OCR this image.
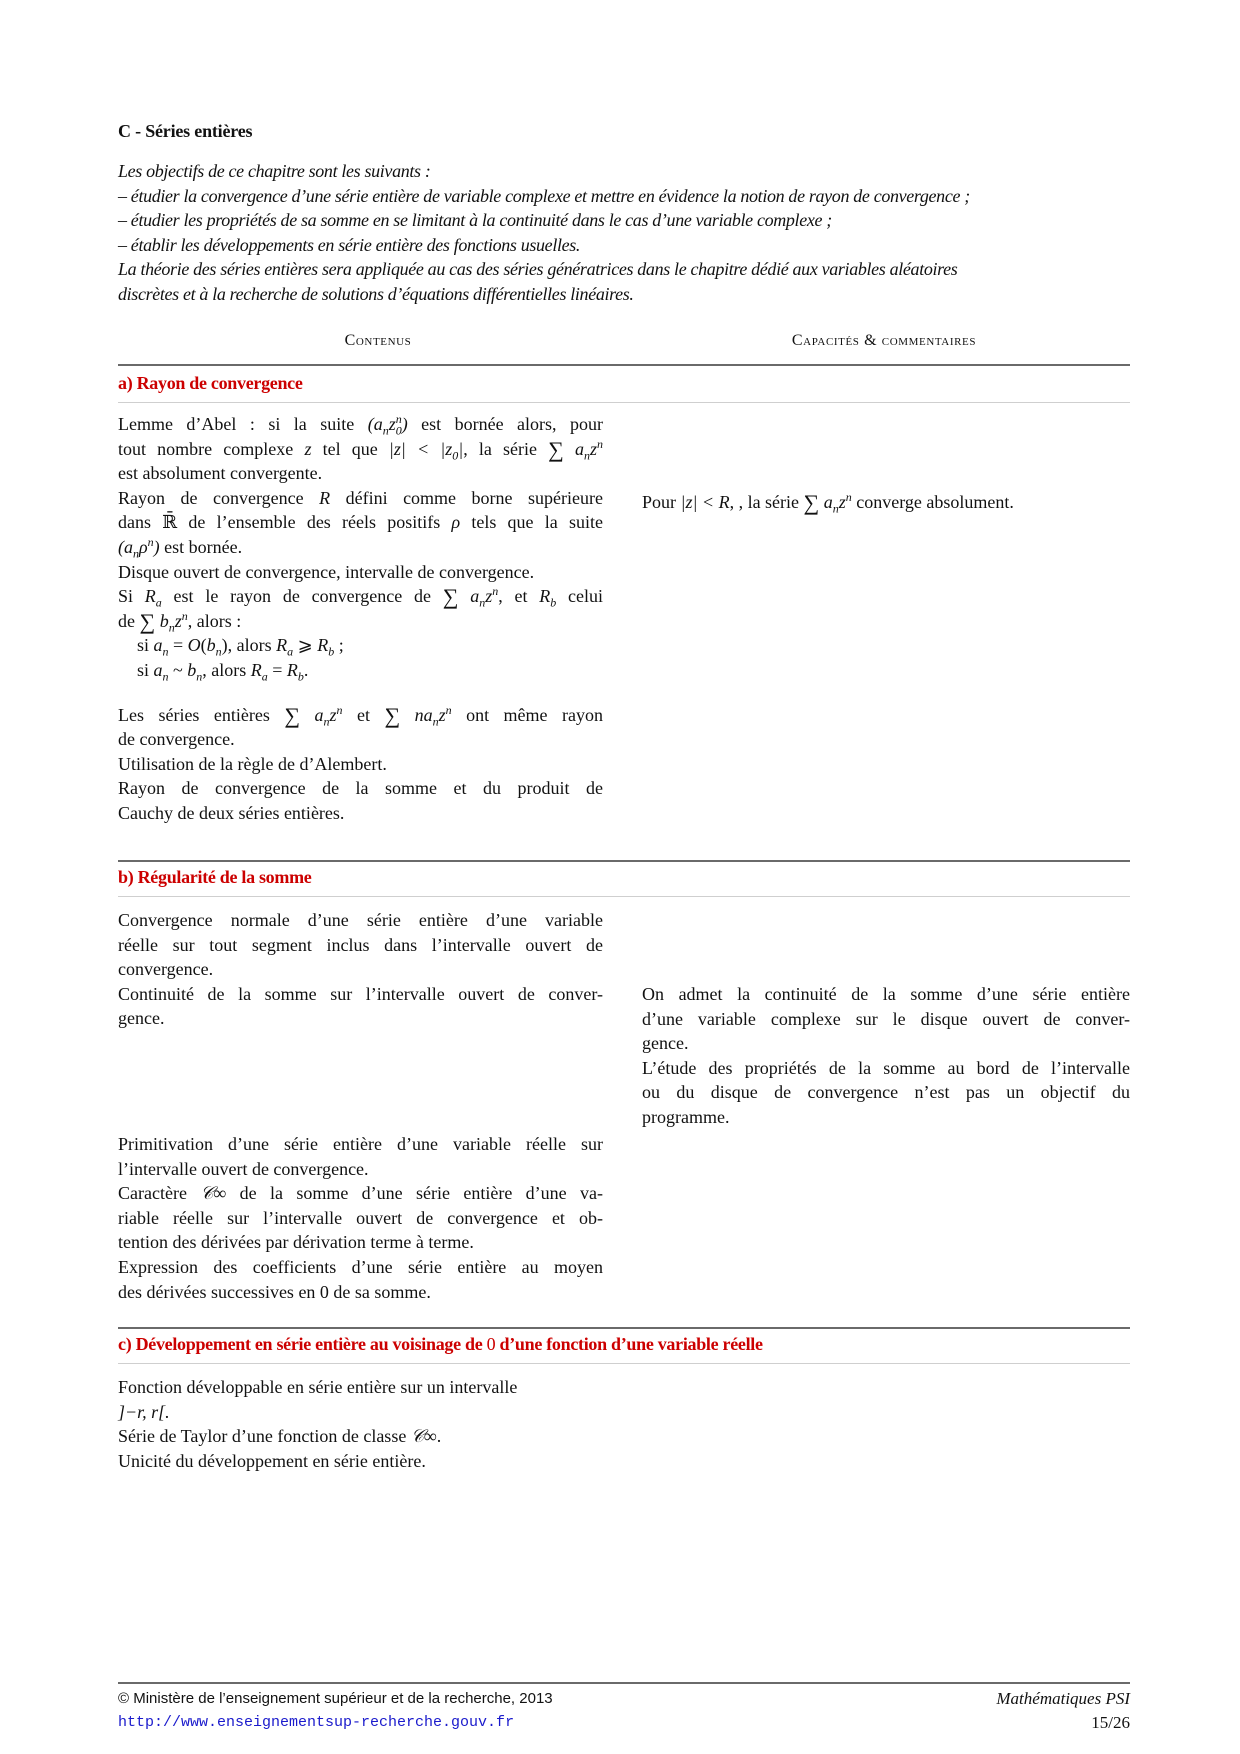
C - Séries entières
Les objectifs de ce chapitre sont les suivants :
– étudier la convergence d’une série entière de variable complexe et mettre en évidence la notion de rayon de convergence ;
– étudier les propriétés de sa somme en se limitant à la continuité dans le cas d’une variable complexe ;
– établir les développements en série entière des fonctions usuelles.
La théorie des séries entières sera appliquée au cas des séries génératrices dans le chapitre dédié aux variables aléatoires
discrètes et à la recherche de solutions d’équations différentielles linéaires.
Contenus	Capacités & commentaires
a) Rayon de convergence
Lemme d’Abel : si la suite $(a_nz_0^n)$ est bornée alors, pour
tout nombre complexe z tel que $|z| < |z_0|$, la série ∑ $a_nz^n$
est absolument convergente.
Rayon de convergence R défini comme borne supérieure
dans ℝ̄ de l’ensemble des réels positifs ρ tels que la suite
$(a_n\rho^n)$ est bornée.
Disque ouvert de convergence, intervalle de convergence.
Si $R_a$ est le rayon de convergence de ∑ $a_nz^n$, et $R_b$ celui
de ∑ $b_nz^n$, alors :
si $a_n = O(b_n)$, alors $R_a$ ⩾ $R_b$ ;
si $a_n$ ~ $b_n$, alors $R_a = R_b$.
Les séries entières ∑ $a_nz^n$ et ∑ $na_nz^n$ ont même rayon
de convergence.
Utilisation de la règle de d’Alembert.
Rayon de convergence de la somme et du produit de
Cauchy de deux séries entières.
Pour |z| < R, , la série ∑ $a_nz^n$ converge absolument.
b) Régularité de la somme
Convergence normale d’une série entière d’une variable
réelle sur tout segment inclus dans l’intervalle ouvert de
convergence.
Continuité de la somme sur l’intervalle ouvert de conver-
gence.
On admet la continuité de la somme d’une série entière
d’une variable complexe sur le disque ouvert de conver-
gence.
L’étude des propriétés de la somme au bord de l’intervalle
ou du disque de convergence n’est pas un objectif du
programme.
Primitivation d’une série entière d’une variable réelle sur
l’intervalle ouvert de convergence.
Caractère 𝒞∞ de la somme d’une série entière d’une va-
riable réelle sur l’intervalle ouvert de convergence et ob-
tention des dérivées par dérivation terme à terme.
Expression des coefficients d’une série entière au moyen
des dérivées successives en 0 de sa somme.
c) Développement en série entière au voisinage de 0 d’une fonction d’une variable réelle
Fonction développable en série entière sur un intervalle
]−r, r[.
Série de Taylor d’une fonction de classe 𝒞∞.
Unicité du développement en série entière.
© Ministère de l’enseignement supérieur et de la recherche, 2013
http://www.enseignementsup-recherche.gouv.fr
Mathématiques PSI
15/26
